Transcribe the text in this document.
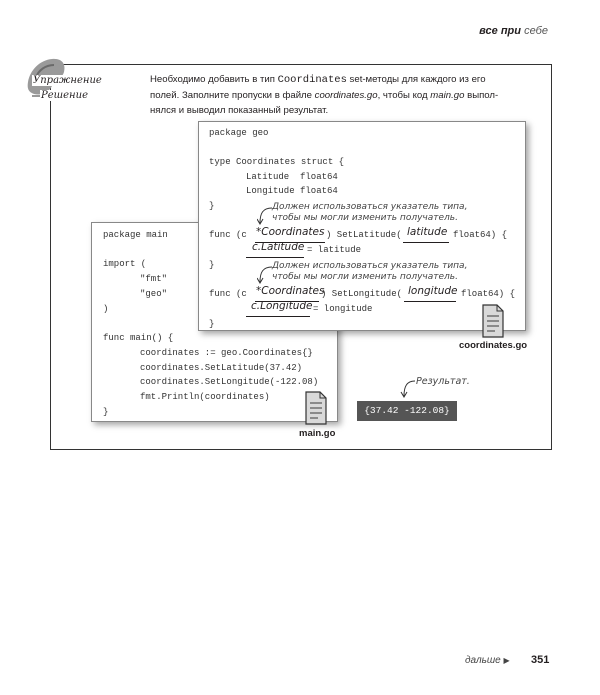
все при себе
Упражнение
Решение
Необходимо добавить в тип Coordinates set-методы для каждого из его полей. Заполните пропуски в файле coordinates.go, чтобы код main.go выпол-нялся и выводил показанный результат.
package main
import (
"fmt"
"geo"
)
func main() {
coordinates := geo.Coordinates{}
coordinates.SetLatitude(37.42)
coordinates.SetLongitude(-122.08)
fmt.Println(coordinates)
}
package geo
type Coordinates struct {
Latitude  float64
Longitude float64
}
func (c *Coordinates ) SetLatitude( latitude float64) {
c.Latitude = latitude
}
func (c *Coordinates
) SetLongitude( longitude float64) {
c.Longitude = longitude
}
Должен использоваться указатель типа,
чтобы мы могли изменить получатель.
Должен использоваться указатель типа,
чтобы мы могли изменить получатель.
coordinates.go
main.go
Результат.
{37.42 -122.08}
дальше ▶ 351
